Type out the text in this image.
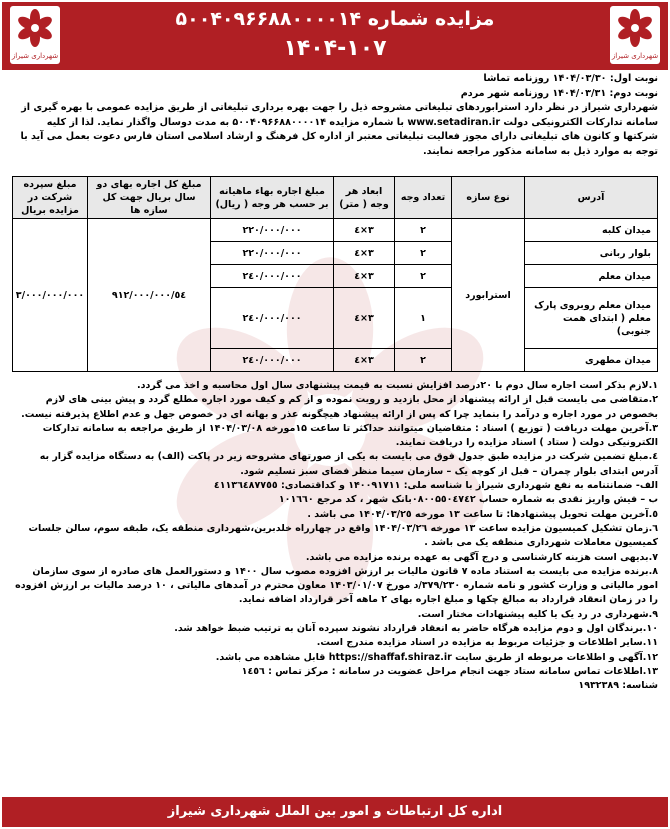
شهرداری شیراز	شهرداری شیراز
مزایده شماره ۵۰۰۴۰۹۶۶۸۸۰۰۰۰۱۴
۱۴۰۴-۱۰۷

نوبت اول: ۱۴۰۴/۰۳/۳۰ روزنامه تماشا

نوبت دوم: ۱۴۰۴/۰۳/۳۱ روزنامه شهر مردم

شهرداری شیراز در نظر دارد استرابوردهای تبلیغاتی مشروحه ذیل را جهت بهره برداری تبلیغاتی از طریق مزایده عمومی با بهره گیری از سامانه تدارکات الکترونیکی دولت www.setadiran.ir با شماره مزایده ۵۰۰۴۰۹۶۶۸۸۰۰۰۰۱۴ به مدت دوسال واگذار نماید. لذا از کلیه شرکتها و کانون های تبلیغاتی دارای مجوز فعالیت تبلیغاتی معتبر از اداره کل فرهنگ و ارشاد اسلامی استان فارس دعوت بعمل می آید با توجه به موارد ذیل به سامانه مذکور مراجعه نمایند.

آدرس	نوع سازه	تعداد وجه	ابعاد هر وجه ( متر)	مبلغ اجاره بهاء ماهیانه بر حسب هر وجه ( ریال)	مبلغ کل اجاره بهای دو سال بریال جهت کل سازه ها	مبلغ سپرده شرکت در مزایده بریال
میدان کلبه	استرابورد	۲	۳×٤	۲۲۰/۰۰۰/۰۰۰	٥٤/۹۱۲/۰۰۰/۰۰۰	۳/۰۰۰/۰۰۰/۰۰۰
بلوار ربانی		۲	۳×٤	۲۲۰/۰۰۰/۰۰۰		
میدان معلم		۲	۳×٤	۲٤۰/۰۰۰/۰۰۰		
میدان معلم روبروی پارک معلم ( ابتدای همت جنوبی)		۱	۳×٤	۲٤۰/۰۰۰/۰۰۰		
میدان مطهری		۲	۳×٤	۲٤۰/۰۰۰/۰۰۰		

۱.لازم بذکر است اجاره سال دوم با ۲۰درصد افزایش نسبت به قیمت پیشنهادی سال اول محاسبه و اخذ می گردد.

۲.متقاضی می بایست قبل از ارائه پیشنهاد از محل بازدید و رویت نموده و از کم و کیف مورد اجاره مطلع گردد و پیش بینی های لازم بخصوص در مورد اجاره و درآمد را بنماید چرا که پس از ارائه پیشنهاد هیچگونه عذر و بهانه ای در خصوص جهل و عدم اطلاع پذیرفته نیست.

۳.آخرین مهلت دریافت ( توزیع ) اسناد : متقاضیان میتوانند حداکثر تا ساعت ۱۵مورخه ۱۴۰۴/۰۳/۰۸ از طریق مراجعه به سامانه تدارکات الکترونیکی دولت ( ستاد ) اسناد مزایده را دریافت نمایند.

٤.مبلغ تضمین شرکت در مزایده طبق جدول فوق می بایست به یکی از صورتهای مشروحه زیر در پاکت (الف) به دستگاه مزایده گزار به آدرس ابتدای بلوار چمران – قبل از کوچه یک – سازمان سیما منظر فضای سبز تسلیم شود.

الف- ضمانتنامه به نفع شهرداری شیراز با شناسه ملی: ۱۴۰۰۹۱۷۱۱ و کداقتصادی: ٤۱۱۳٦٤۸۷۷٥٥

ب – فیش واریز نقدی به شماره حساب ۰۸۰۰۵٥٠٤٧٤٢بانک شهر ، کد مرجع ۱۰۱٦٦٠

٥.آخرین مهلت تحویل پیشنهادها: تا ساعت ۱۳ مورخه ۱۴۰۴/۰۳/۲٥ می باشد .

٦.زمان تشکیل کمیسیون مزایده ساعت ۱۳ مورخه ۱۴۰۴/۰۳/۲٦ واقع در چهارراه خلدبرین،شهرداری منطقه یک، طبقه سوم، سالن جلسات کمیسیون معاملات شهرداری منطقه یک می باشد .

۷.بدیهی است هزینه کارشناسی و درج آگهی به عهده برنده مزایده می باشد.

۸.برنده مزایده می بایست به استناد ماده ۷ قانون مالیات بر ارزش افزوده مصوب سال ۱۴۰۰ و دستورالعمل های صادره از سوی سازمان امور مالیاتی و وزارت کشور و نامه شماره ۳۷۹/۲۳۰/د مورخ ۱۴۰۳/۰۱/۰۷ معاون محترم در آمدهای مالیاتی ، ۱۰ درصد مالیات بر ارزش افزوده را در زمان انعقاد قرارداد به مبالغ چکها و مبلغ اجاره بهای ۲ ماهه آخر قرارداد اضافه نماید.

۹.شهرداری در رد یک یا کلیه پیشنهادات مختار است.

۱۰.برندگان اول و دوم مزایده هرگاه حاضر به انعقاد قرارداد نشوند سپرده آنان به ترتیب ضبط خواهد شد.

۱۱.سایر اطلاعات و جزئیات مربوط به مزایده در اسناد مزایده مندرج است.

۱۲.آگهی و اطلاعات مربوطه از طریق سایت https://shaffaf.shiraz.ir قابل مشاهده می باشد.

۱۳.اطلاعات تماس سامانه ستاد جهت انجام مراحل عضویت در سامانه : مرکز تماس : ۱٤٥٦

شناسه: ۱۹۳۲۳۸۹

اداره کل ارتباطات و امور بین الملل شهرداری شیراز
